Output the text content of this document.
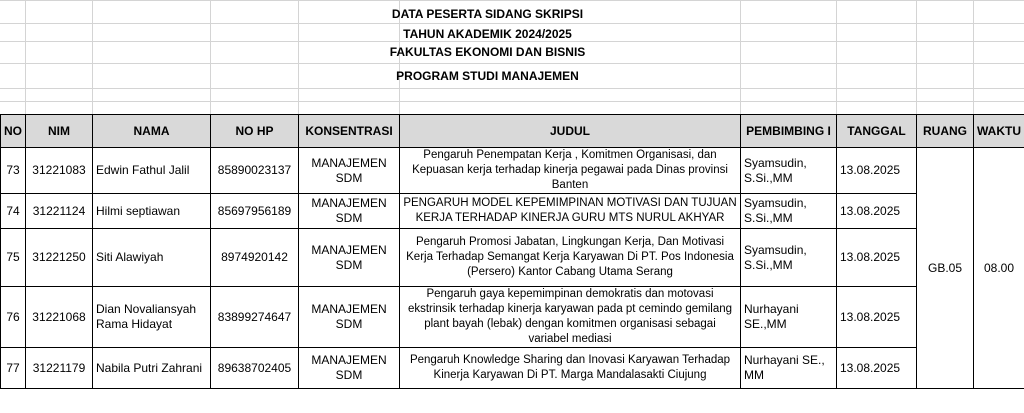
DATA PESERTA SIDANG SKRIPSI
TAHUN AKADEMIK 2024/2025
FAKULTAS EKONOMI DAN BISNIS
PROGRAM STUDI MANAJEMEN
NO	NIM	NAMA	NO HP	KONSENTRASI	JUDUL	PEMBIMBING I	TANGGAL	RUANG	WAKTU
73	31221083	Edwin Fathul Jalil	85890023137	MANAJEMEN SDM	Pengaruh Penempatan Kerja , Komitmen Organisasi, dan Kepuasan kerja terhadap kinerja pegawai pada Dinas provinsi Banten	Syamsudin, S.Si.,MM	13.08.2025	GB.05	08.00
74	31221124	Hilmi septiawan	85697956189	MANAJEMEN SDM	PENGARUH MODEL KEPEMIMPINAN MOTIVASI DAN TUJUAN KERJA TERHADAP KINERJA GURU MTS NURUL AKHYAR	Syamsudin, S.Si.,MM	13.08.2025		
75	31221250	Siti Alawiyah	8974920142	MANAJEMEN SDM	Pengaruh Promosi Jabatan, Lingkungan Kerja, Dan Motivasi Kerja Terhadap Semangat Kerja Karyawan Di PT. Pos Indonesia (Persero) Kantor Cabang Utama Serang	Syamsudin, S.Si.,MM	13.08.2025		
76	31221068	Dian Novaliansyah Rama Hidayat	83899274647	MANAJEMEN SDM	Pengaruh gaya kepemimpinan demokratis dan motovasi ekstrinsik terhadap kinerja karyawan pada pt cemindo gemilang plant bayah (lebak) dengan komitmen organisasi sebagai variabel mediasi	Nurhayani SE.,MM	13.08.2025		
77	31221179	Nabila Putri Zahrani	89638702405	MANAJEMEN SDM	Pengaruh Knowledge Sharing dan Inovasi Karyawan Terhadap Kinerja Karyawan Di PT. Marga Mandalasakti Ciujung	Nurhayani SE., MM	13.08.2025		
